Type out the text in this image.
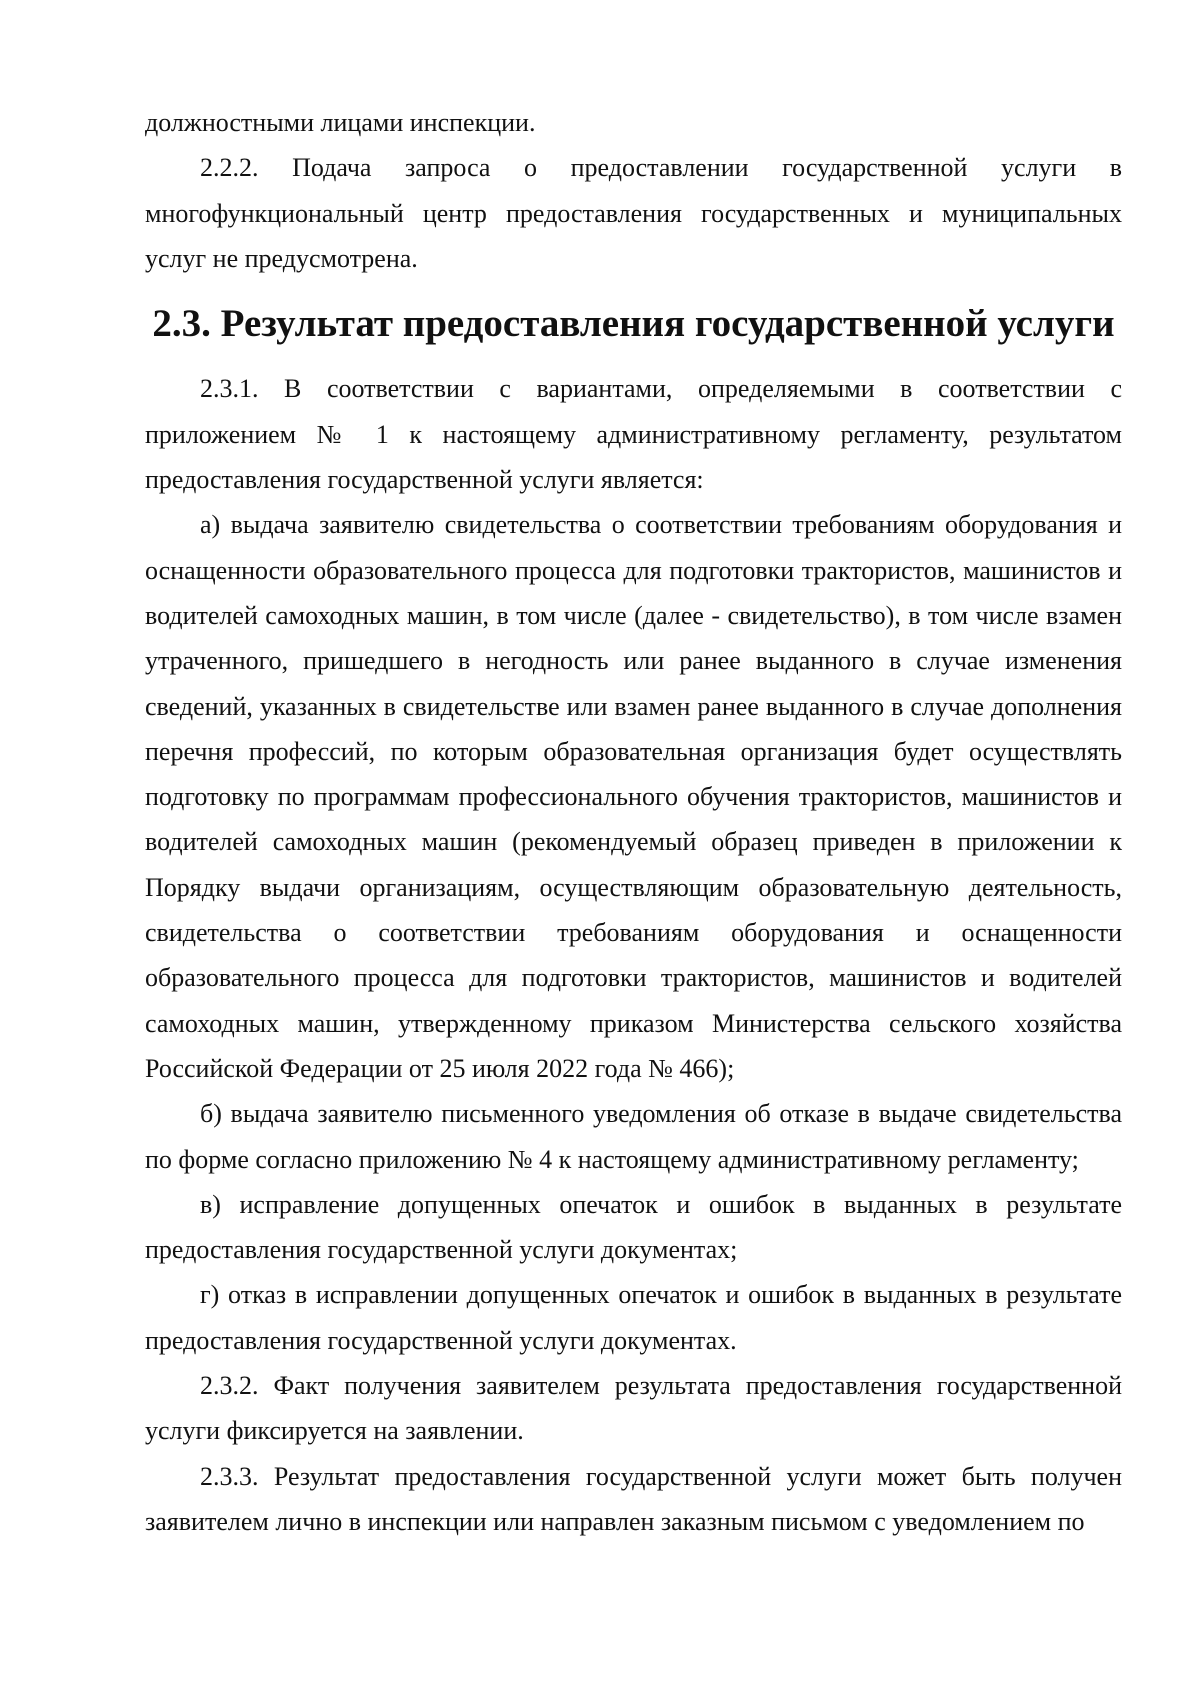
должностными лицами инспекции.

2.2.2. Подача запроса о предоставлении государственной услуги в многофункциональный центр предоставления государственных и муниципальных услуг не предусмотрена.

2.3. Результат предоставления государственной услуги

2.3.1. В соответствии с вариантами, определяемыми в соответствии с приложением № 1 к настоящему административному регламенту, результатом предоставления государственной услуги является:

а) выдача заявителю свидетельства о соответствии требованиям оборудования и оснащенности образовательного процесса для подготовки трактористов, машинистов и водителей самоходных машин, в том числе (далее - свидетельство), в том числе взамен утраченного, пришедшего в негодность или ранее выданного в случае изменения сведений, указанных в свидетельстве или взамен ранее выданного в случае дополнения перечня профессий, по которым образовательная организация будет осуществлять подготовку по программам профессионального обучения трактористов, машинистов и водителей самоходных машин (рекомендуемый образец приведен в приложении к Порядку выдачи организациям, осуществляющим образовательную деятельность, свидетельства о соответствии требованиям оборудования и оснащенности образовательного процесса для подготовки трактористов, машинистов и водителей самоходных машин, утвержденному приказом Министерства сельского хозяйства Российской Федерации от 25 июля 2022 года № 466);

б) выдача заявителю письменного уведомления об отказе в выдаче свидетельства по форме согласно приложению № 4 к настоящему административному регламенту;

в) исправление допущенных опечаток и ошибок в выданных в результате предоставления государственной услуги документах;

г) отказ в исправлении допущенных опечаток и ошибок в выданных в результате предоставления государственной услуги документах.

2.3.2. Факт получения заявителем результата предоставления государственной услуги фиксируется на заявлении.

2.3.3. Результат предоставления государственной услуги может быть получен заявителем лично в инспекции или направлен заказным письмом с уведомлением по
